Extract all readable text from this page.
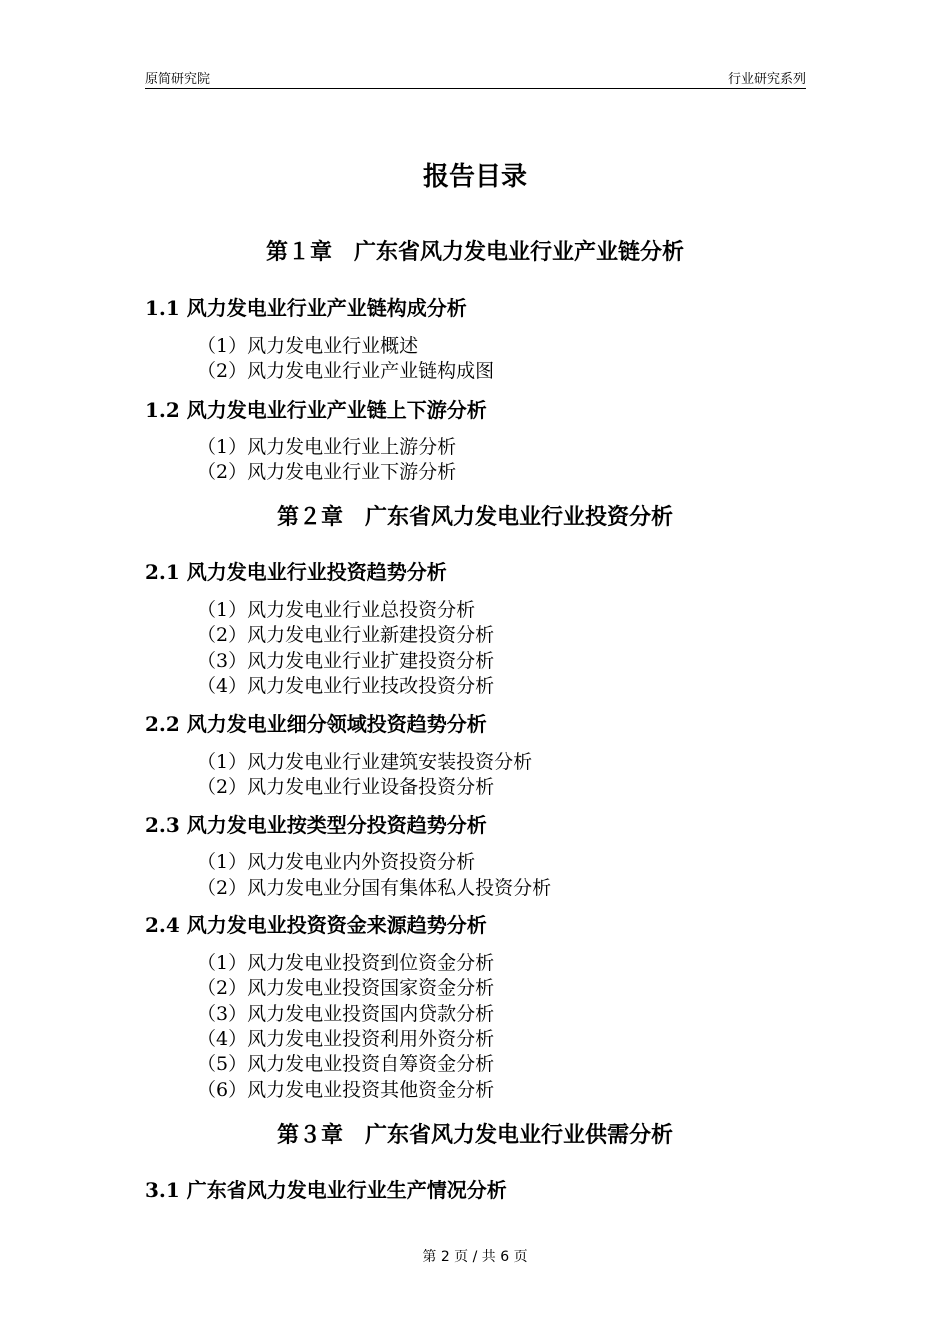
原简研究院	行业研究系列
报告目录
第１章　广东省风力发电业行业产业链分析
1.1 风力发电业行业产业链构成分析
（1）风力发电业行业概述
（2）风力发电业行业产业链构成图
1.2 风力发电业行业产业链上下游分析
（1）风力发电业行业上游分析
（2）风力发电业行业下游分析
第２章　广东省风力发电业行业投资分析
2.1 风力发电业行业投资趋势分析
（1）风力发电业行业总投资分析
（2）风力发电业行业新建投资分析
（3）风力发电业行业扩建投资分析
（4）风力发电业行业技改投资分析
2.2 风力发电业细分领域投资趋势分析
（1）风力发电业行业建筑安装投资分析
（2）风力发电业行业设备投资分析
2.3 风力发电业按类型分投资趋势分析
（1）风力发电业内外资投资分析
（2）风力发电业分国有集体私人投资分析
2.4 风力发电业投资资金来源趋势分析
（1）风力发电业投资到位资金分析
（2）风力发电业投资国家资金分析
（3）风力发电业投资国内贷款分析
（4）风力发电业投资利用外资分析
（5）风力发电业投资自筹资金分析
（6）风力发电业投资其他资金分析
第３章　广东省风力发电业行业供需分析
3.1 广东省风力发电业行业生产情况分析
第 2 页 / 共 6 页
